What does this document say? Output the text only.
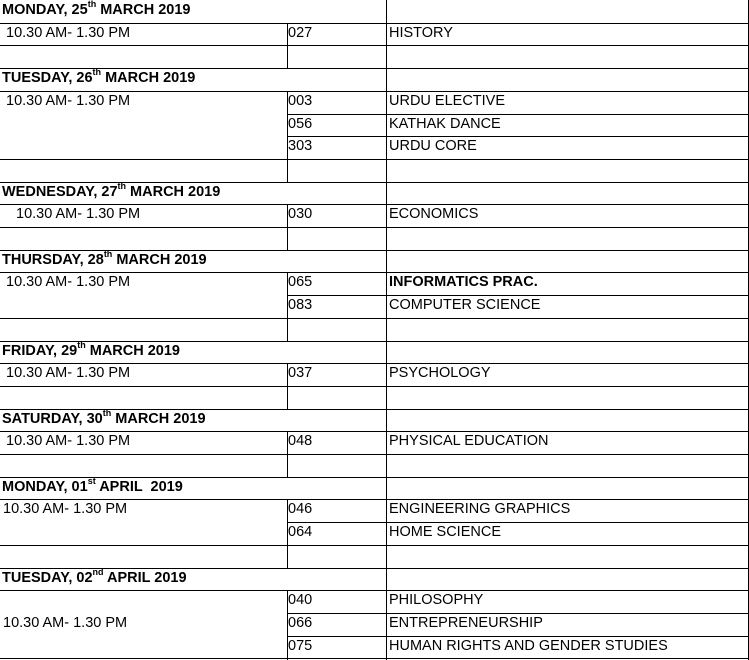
MONDAY, 25th MARCH 2019
10.30 AM- 1.30 PM	027	HISTORY
TUESDAY, 26th MARCH 2019
10.30 AM- 1.30 PM	003	URDU ELECTIVE
056	KATHAK DANCE
303	URDU CORE
WEDNESDAY, 27th MARCH 2019
10.30 AM- 1.30 PM	030	ECONOMICS
THURSDAY, 28th MARCH 2019
10.30 AM- 1.30 PM	065	INFORMATICS PRAC.
083	COMPUTER SCIENCE
FRIDAY, 29th MARCH 2019
10.30 AM- 1.30 PM	037	PSYCHOLOGY
SATURDAY, 30th MARCH 2019
10.30 AM- 1.30 PM	048	PHYSICAL EDUCATION
MONDAY, 01st APRIL  2019
10.30 AM- 1.30 PM	046	ENGINEERING GRAPHICS
064	HOME SCIENCE
TUESDAY, 02nd APRIL 2019
040	PHILOSOPHY
10.30 AM- 1.30 PM	066	ENTREPRENEURSHIP
075	HUMAN RIGHTS AND GENDER STUDIES
